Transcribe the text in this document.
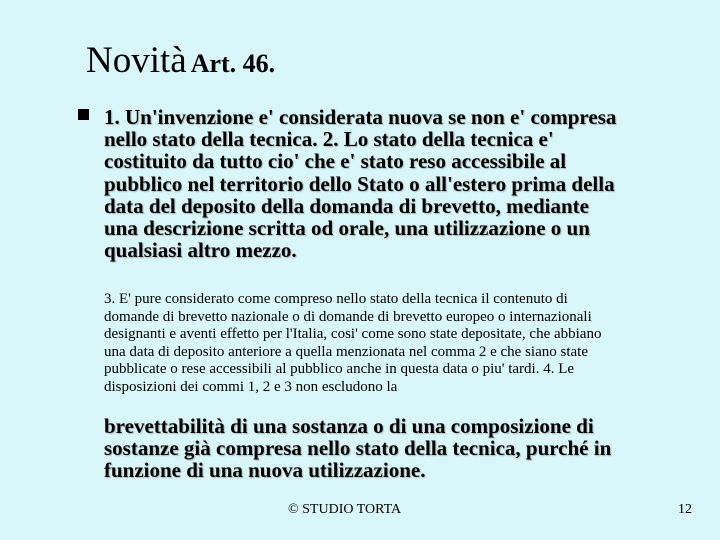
Novità Art. 46.
1. Un'invenzione e' considerata nuova se non e' compresa nello stato della tecnica. 2. Lo stato della tecnica e' costituito da tutto cio' che e' stato reso accessibile al pubblico nel territorio dello Stato o all'estero prima della data del deposito della domanda di brevetto, mediante una descrizione scritta od orale, una utilizzazione o un qualsiasi altro mezzo.
3. E' pure considerato come compreso nello stato della tecnica il contenuto di domande di brevetto nazionale o di domande di brevetto europeo o internazionali designanti e aventi effetto per l'Italia, cosi' come sono state depositate, che abbiano una data di deposito anteriore a quella menzionata nel comma 2 e che siano state pubblicate o rese accessibili al pubblico anche in questa data o piu' tardi. 4. Le disposizioni dei commi 1, 2 e 3 non escludono la
brevettabilità di una sostanza o di una composizione di sostanze già compresa nello stato della tecnica, purché in funzione di una nuova utilizzazione.
© STUDIO TORTA	12
